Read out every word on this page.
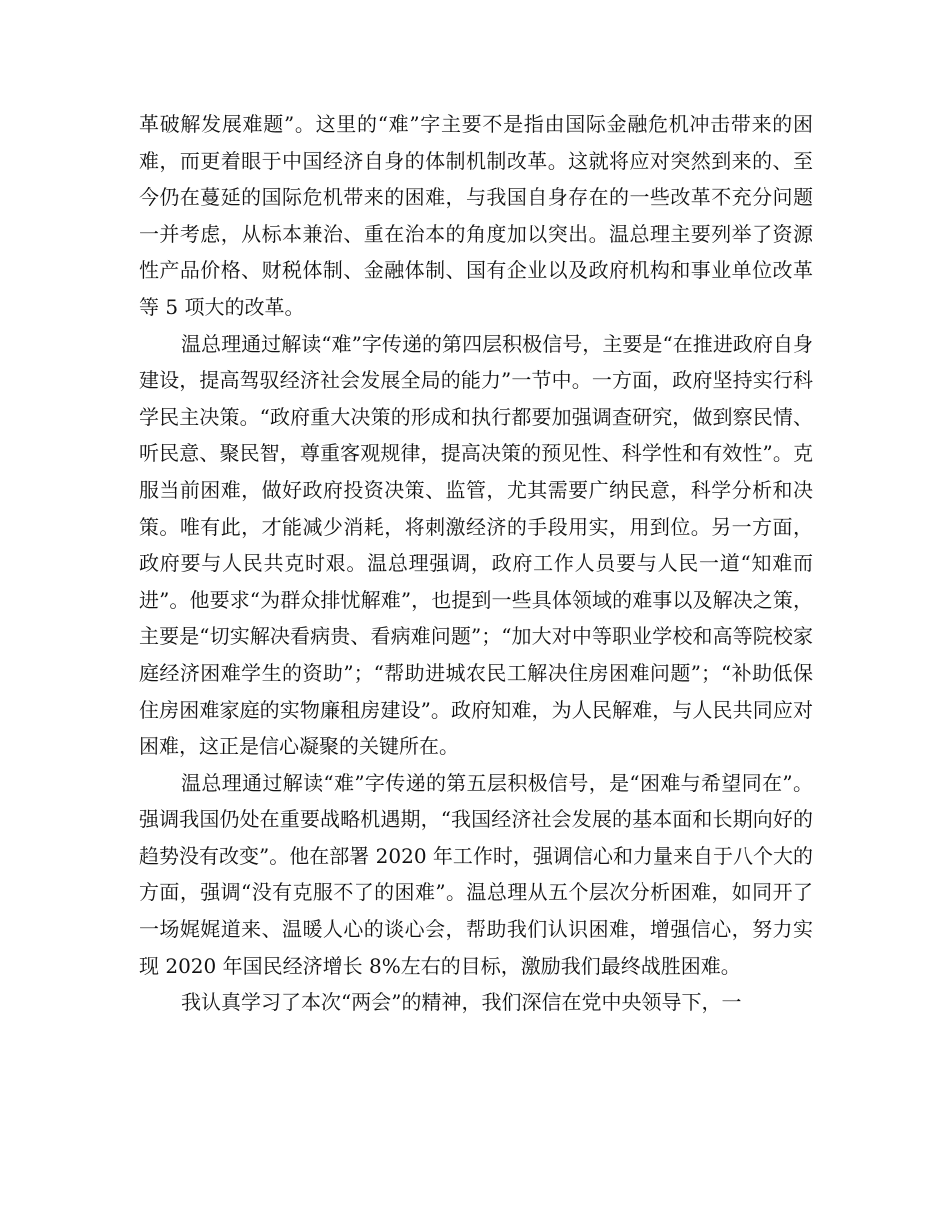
革破解发展难题”。这里的“难”字主要不是指由国际金融危机冲击带来的困难，而更着眼于中国经济自身的体制机制改革。这就将应对突然到来的、至今仍在蔓延的国际危机带来的困难，与我国自身存在的一些改革不充分问题一并考虑，从标本兼治、重在治本的角度加以突出。温总理主要列举了资源性产品价格、财税体制、金融体制、国有企业以及政府机构和事业单位改革等 5 项大的改革。

温总理通过解读“难”字传递的第四层积极信号，主要是“在推进政府自身建设，提高驾驭经济社会发展全局的能力”一节中。一方面，政府坚持实行科学民主决策。“政府重大决策的形成和执行都要加强调查研究，做到察民情、听民意、聚民智，尊重客观规律，提高决策的预见性、科学性和有效性”。克服当前困难，做好政府投资决策、监管，尤其需要广纳民意，科学分析和决策。唯有此，才能减少消耗，将刺激经济的手段用实，用到位。另一方面，政府要与人民共克时艰。温总理强调，政府工作人员要与人民一道“知难而进”。他要求“为群众排忧解难”，也提到一些具体领域的难事以及解决之策，主要是“切实解决看病贵、看病难问题”；“加大对中等职业学校和高等院校家庭经济困难学生的资助”；“帮助进城农民工解决住房困难问题”；“补助低保住房困难家庭的实物廉租房建设”。政府知难，为人民解难，与人民共同应对困难，这正是信心凝聚的关键所在。

温总理通过解读“难”字传递的第五层积极信号，是“困难与希望同在”。强调我国仍处在重要战略机遇期，“我国经济社会发展的基本面和长期向好的趋势没有改变”。他在部署 2020 年工作时，强调信心和力量来自于八个大的方面，强调“没有克服不了的困难”。温总理从五个层次分析困难，如同开了一场娓娓道来、温暖人心的谈心会，帮助我们认识困难，增强信心，努力实现 2020 年国民经济增长 8%左右的目标，激励我们最终战胜困难。

我认真学习了本次“两会”的精神，我们深信在党中央领导下，一
